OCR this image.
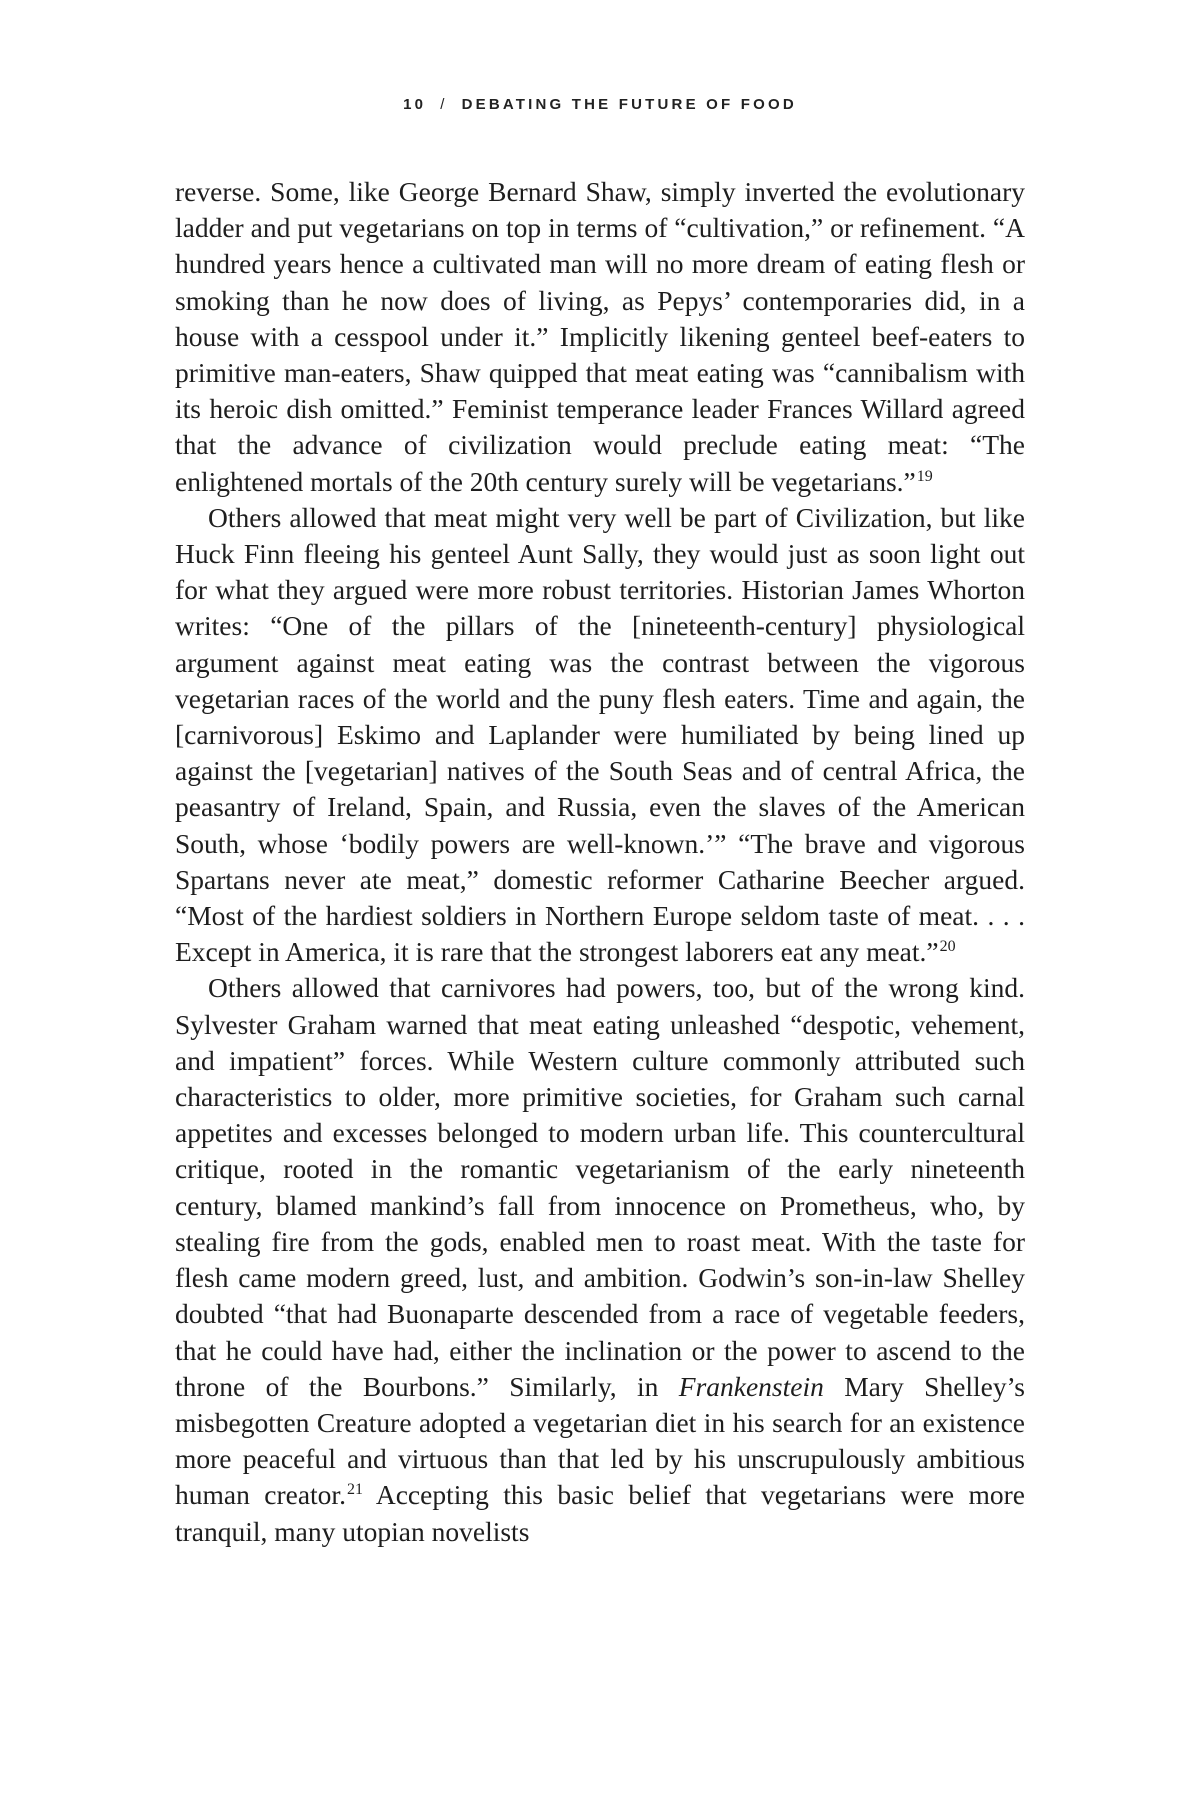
10 / DEBATING THE FUTURE OF FOOD

reverse. Some, like George Bernard Shaw, simply inverted the evolutionary ladder and put vegetarians on top in terms of “cultivation,” or refinement. “A hundred years hence a cultivated man will no more dream of eating flesh or smoking than he now does of living, as Pepys’ contemporaries did, in a house with a cesspool under it.” Implicitly likening genteel beef-eaters to primitive man-eaters, Shaw quipped that meat eating was “cannibalism with its heroic dish omitted.” Feminist temperance leader Frances Willard agreed that the advance of civilization would preclude eating meat: “The enlightened mortals of the 20th century surely will be vegetarians.”$^{19}$

Others allowed that meat might very well be part of Civilization, but like Huck Finn fleeing his genteel Aunt Sally, they would just as soon light out for what they argued were more robust territories. Historian James Whorton writes: “One of the pillars of the [nineteenth-century] physiological argument against meat eating was the contrast between the vigorous vegetarian races of the world and the puny flesh eaters. Time and again, the [carnivorous] Eskimo and Laplander were humiliated by being lined up against the [vegetarian] natives of the South Seas and of central Africa, the peasantry of Ireland, Spain, and Russia, even the slaves of the American South, whose ‘bodily powers are well-known.’” “The brave and vigorous Spartans never ate meat,” domestic reformer Catharine Beecher argued. “Most of the hardiest soldiers in Northern Europe seldom taste of meat. . . . Except in America, it is rare that the strongest laborers eat any meat.”$^{20}$

Others allowed that carnivores had powers, too, but of the wrong kind. Sylvester Graham warned that meat eating unleashed “despotic, vehement, and impatient” forces. While Western culture commonly attributed such characteristics to older, more primitive societies, for Graham such carnal appetites and excesses belonged to modern urban life. This countercultural critique, rooted in the romantic vegetarianism of the early nineteenth century, blamed mankind’s fall from innocence on Prometheus, who, by stealing fire from the gods, enabled men to roast meat. With the taste for flesh came modern greed, lust, and ambition. Godwin’s son-in-law Shelley doubted “that had Buonaparte descended from a race of vegetable feeders, that he could have had, either the inclination or the power to ascend to the throne of the Bourbons.” Similarly, in Frankenstein Mary Shelley’s misbegotten Creature adopted a vegetarian diet in his search for an existence more peaceful and virtuous than that led by his unscrupulously ambitious human creator.$^{21}$ Accepting this basic belief that vegetarians were more tranquil, many utopian novelists
